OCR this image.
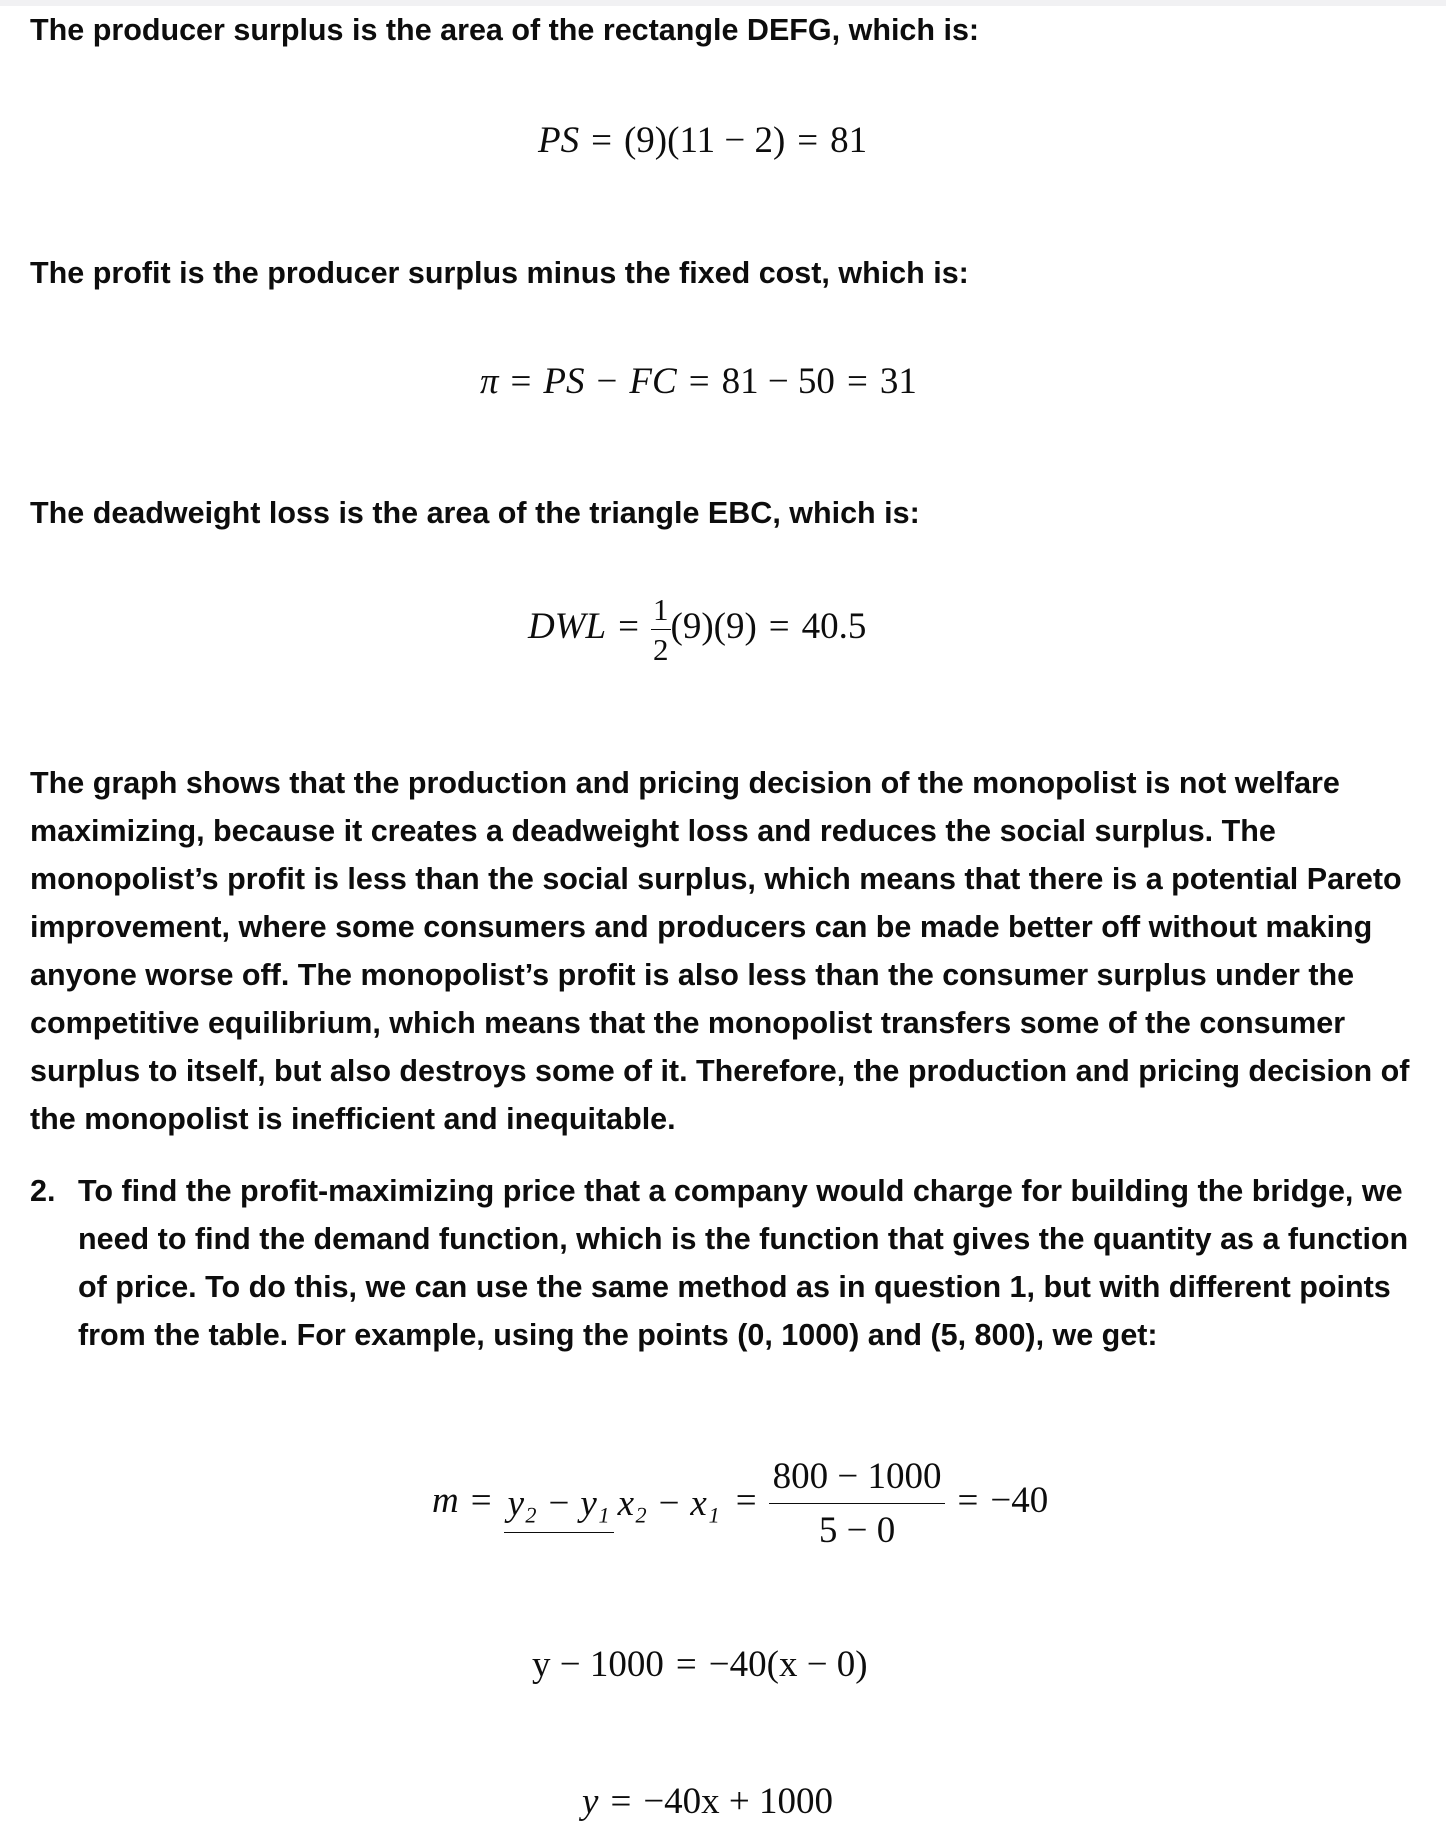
The producer surplus is the area of the rectangle DEFG, which is:

PS = (9)(11 − 2) = 81

The profit is the producer surplus minus the fixed cost, which is:

π = PS − FC = 81 − 50 = 31

The deadweight loss is the area of the triangle EBC, which is:

DWL = $\frac{1}{2} (9)(9) = 40.5$

The graph shows that the production and pricing decision of the monopolist is not welfare maximizing, because it creates a deadweight loss and reduces the social surplus. The monopolist’s profit is less than the social surplus, which means that there is a potential Pareto improvement, where some consumers and producers can be made better off without making anyone worse off. The monopolist’s profit is also less than the consumer surplus under the competitive equilibrium, which means that the monopolist transfers some of the consumer surplus to itself, but also destroys some of it. Therefore, the production and pricing decision of the monopolist is inefficient and inequitable.

2. To find the profit-maximizing price that a company would charge for building the bridge, we need to find the demand function, which is the function that gives the quantity as a function of price. To do this, we can use the same method as in question 1, but with different points from the table. For example, using the points (0, 1000) and (5, 800), we get:
m = y₂ − y₁ $x_2 - x_1 = \frac{800 - 1000}{5 - 0} = -40$
y − 1000 = −40(x − 0)
y = −40x + 1000
